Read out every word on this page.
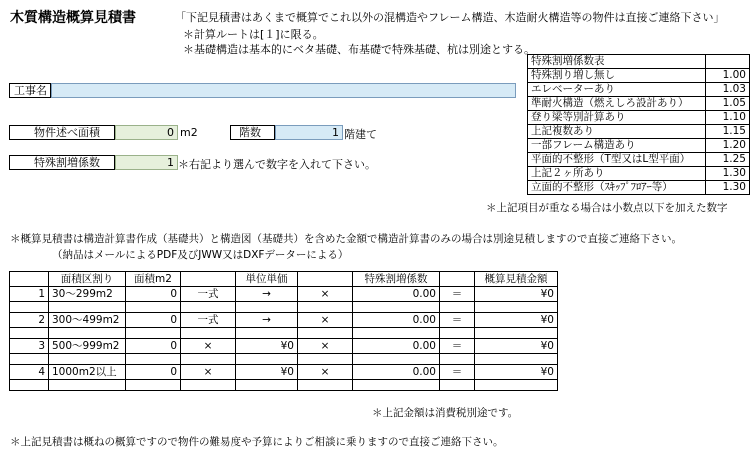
木質構造概算見積書	「下記見積書はあくまで概算でこれ以外の混構造やフレーム構造、木造耐火構造等の物件は直接ご連絡下さい」
＊計算ルートは[１]に限る。
＊基礎構造は基本的にベタ基礎、布基礎で特殊基礎、杭は別途とする。
工事名
物件述べ面積	0 m2	階数	1 階建て
特殊割増係数	1 ＊右記より選んで数字を入れて下さい。
特殊割増係数表	
特殊割り増し無し	1.00
エレベーターあり	1.03
準耐火構造（燃えしろ設計あり）	1.05
登り梁等別計算あり	1.10
上記複数あり	1.15
一部フレーム構造あり	1.20
平面的不整形（T型又はL型平面）	1.25
上記２ヶ所あり	1.30
立面的不整形（ｽｷｯﾌﾟﾌﾛｱｰ等）	1.30
＊上記項目が重なる場合は小数点以下を加えた数字
＊概算見積書は構造計算書作成（基礎共）と構造図（基礎共）を含めた金額で構造計算書のみの場合は別途見積しますので直接ご連絡下さい。
（納品はメールによるPDF及びJWW又はDXFデーターによる）
	面積区割り	面積m2		単位単価		特殊割増係数		概算見積金額
1	30～299m2	0	一式	→	×	0.00	＝	¥0

2	300～499m2	0	一式	→	×	0.00	＝	¥0

3	500～999m2	0	×	¥0	×	0.00	＝	¥0

4	1000m2以上	0	×	¥0	×	0.00	＝	¥0

＊上記金額は消費税別途です。
＊上記見積書は概ねの概算ですので物件の難易度や予算によりご相談に乗りますので直接ご連絡下さい。
